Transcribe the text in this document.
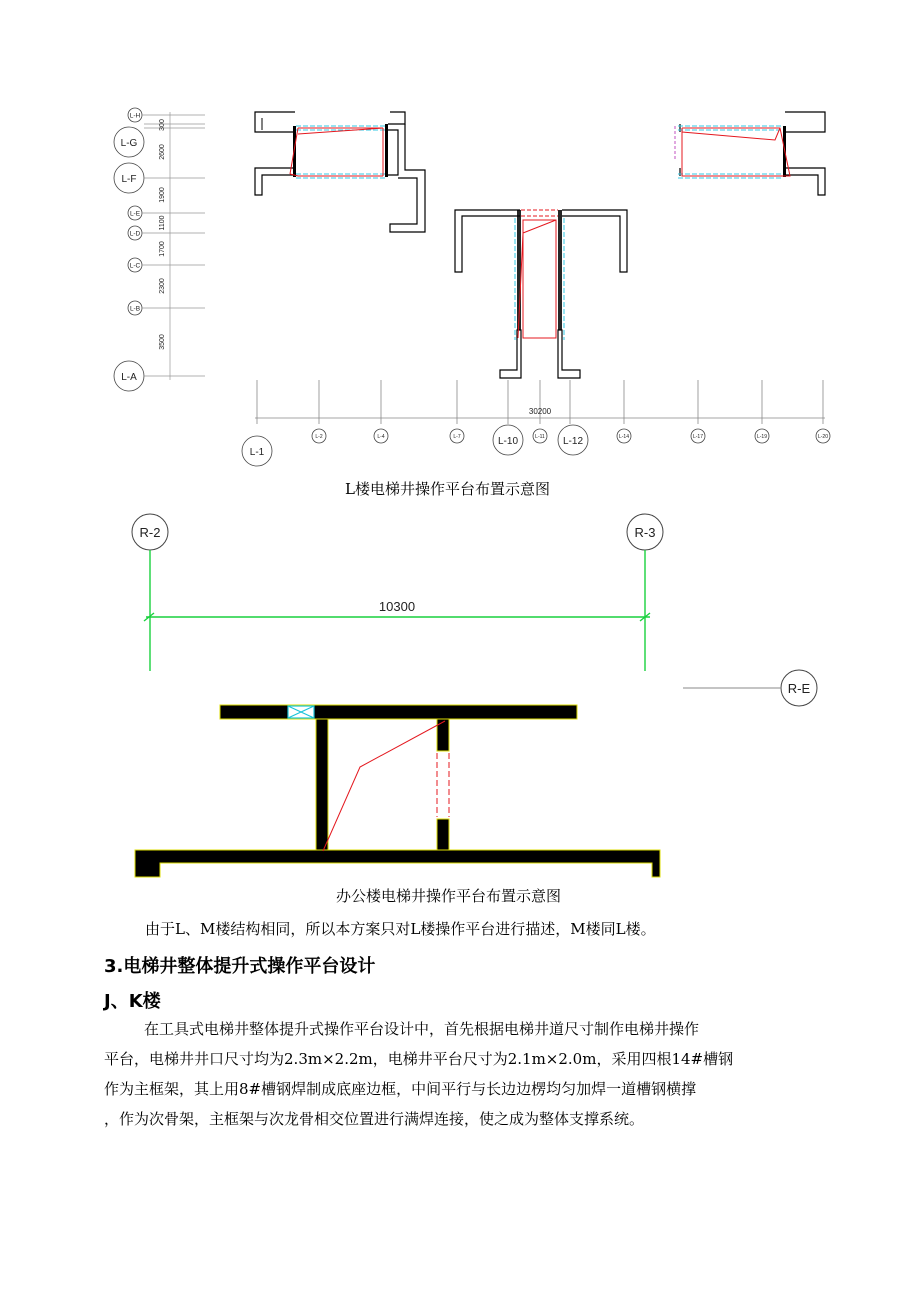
L-H
L-E
L-D
L-C
L-B
L-G
L-F
L-A
300
2600
1900
1100
1700
2300
3500
30200
L-1
L-10	L-12
L-2	L-4	L-7	L-11	L-14	L-17	L-19	L-20
L楼电梯井操作平台布置示意图
R-2	R-3
R-E
10300
办公楼电梯井操作平台布置示意图
由于L、M楼结构相同，所以本方案只对L楼操作平台进行描述，M楼同L楼。
3.电梯井整体提升式操作平台设计
J、K楼
在工具式电梯井整体提升式操作平台设计中，首先根据电梯井道尺寸制作电梯井操作
平台，电梯井井口尺寸均为2.3m×2.2m，电梯井平台尺寸为2.1m×2.0m，采用四根14#槽钢
作为主框架，其上用8#槽钢焊制成底座边框，中间平行与长边边楞均匀加焊一道槽钢横撑
，作为次骨架，主框架与次龙骨相交位置进行满焊连接，使之成为整体支撑系统。
